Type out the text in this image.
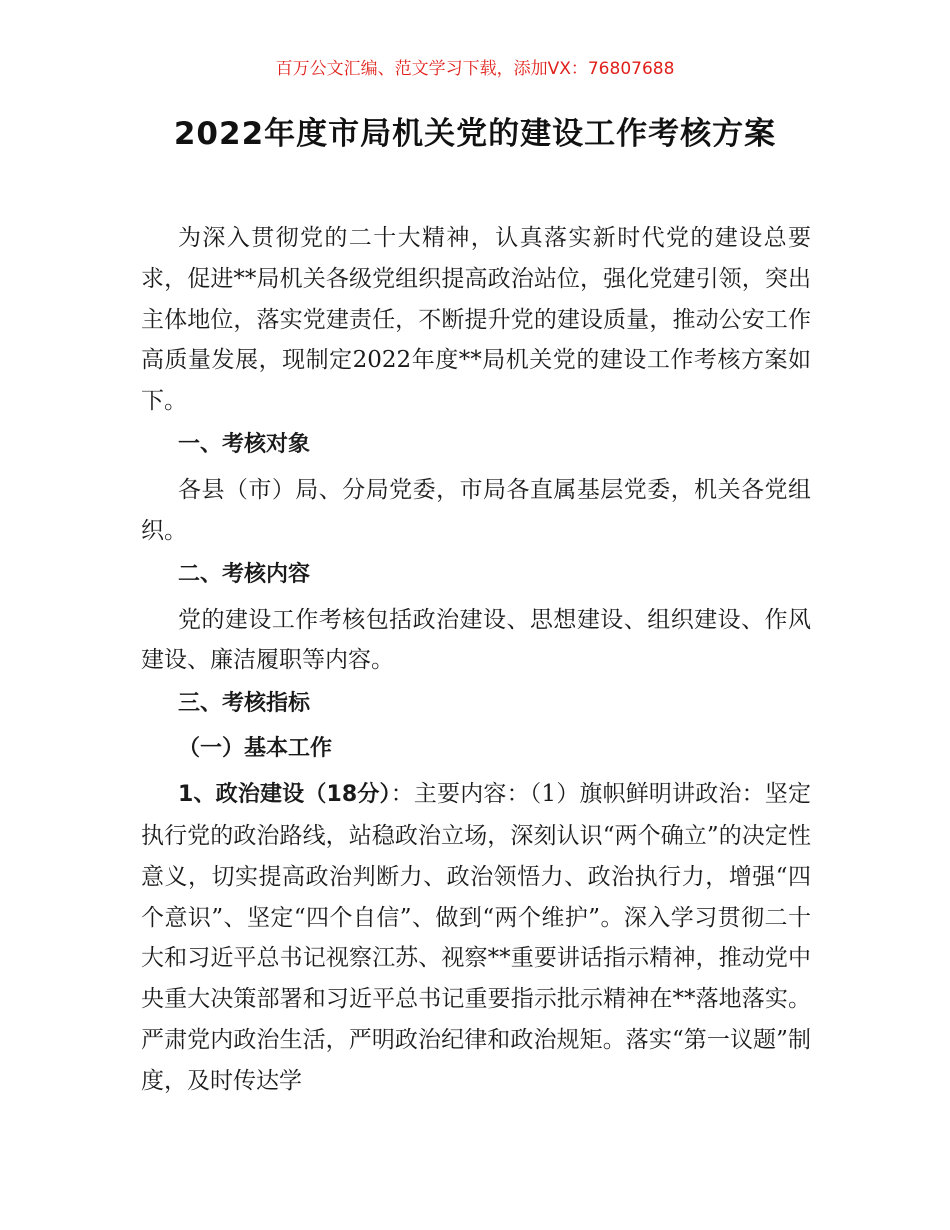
百万公文汇编、范文学习下载，添加VX：76807688
2022年度市局机关党的建设工作考核方案

为深入贯彻党的二十大精神，认真落实新时代党的建设总要求，促进**局机关各级党组织提高政治站位，强化党建引领，突出主体地位，落实党建责任，不断提升党的建设质量，推动公安工作高质量发展，现制定2022年度**局机关党的建设工作考核方案如下。

一、考核对象

各县（市）局、分局党委，市局各直属基层党委，机关各党组织。

二、考核内容

党的建设工作考核包括政治建设、思想建设、组织建设、作风建设、廉洁履职等内容。

三、考核指标

（一）基本工作

1、政治建设（18分）：主要内容：（1）旗帜鲜明讲政治：坚定执行党的政治路线，站稳政治立场，深刻认识“两个确立”的决定性意义，切实提高政治判断力、政治领悟力、政治执行力，增强“四个意识”、坚定“四个自信”、做到“两个维护”。深入学习贯彻二十大和习近平总书记视察江苏、视察**重要讲话指示精神，推动党中央重大决策部署和习近平总书记重要指示批示精神在**落地落实。严肃党内政治生活，严明政治纪律和政治规矩。落实“第一议题”制度，及时传达学
